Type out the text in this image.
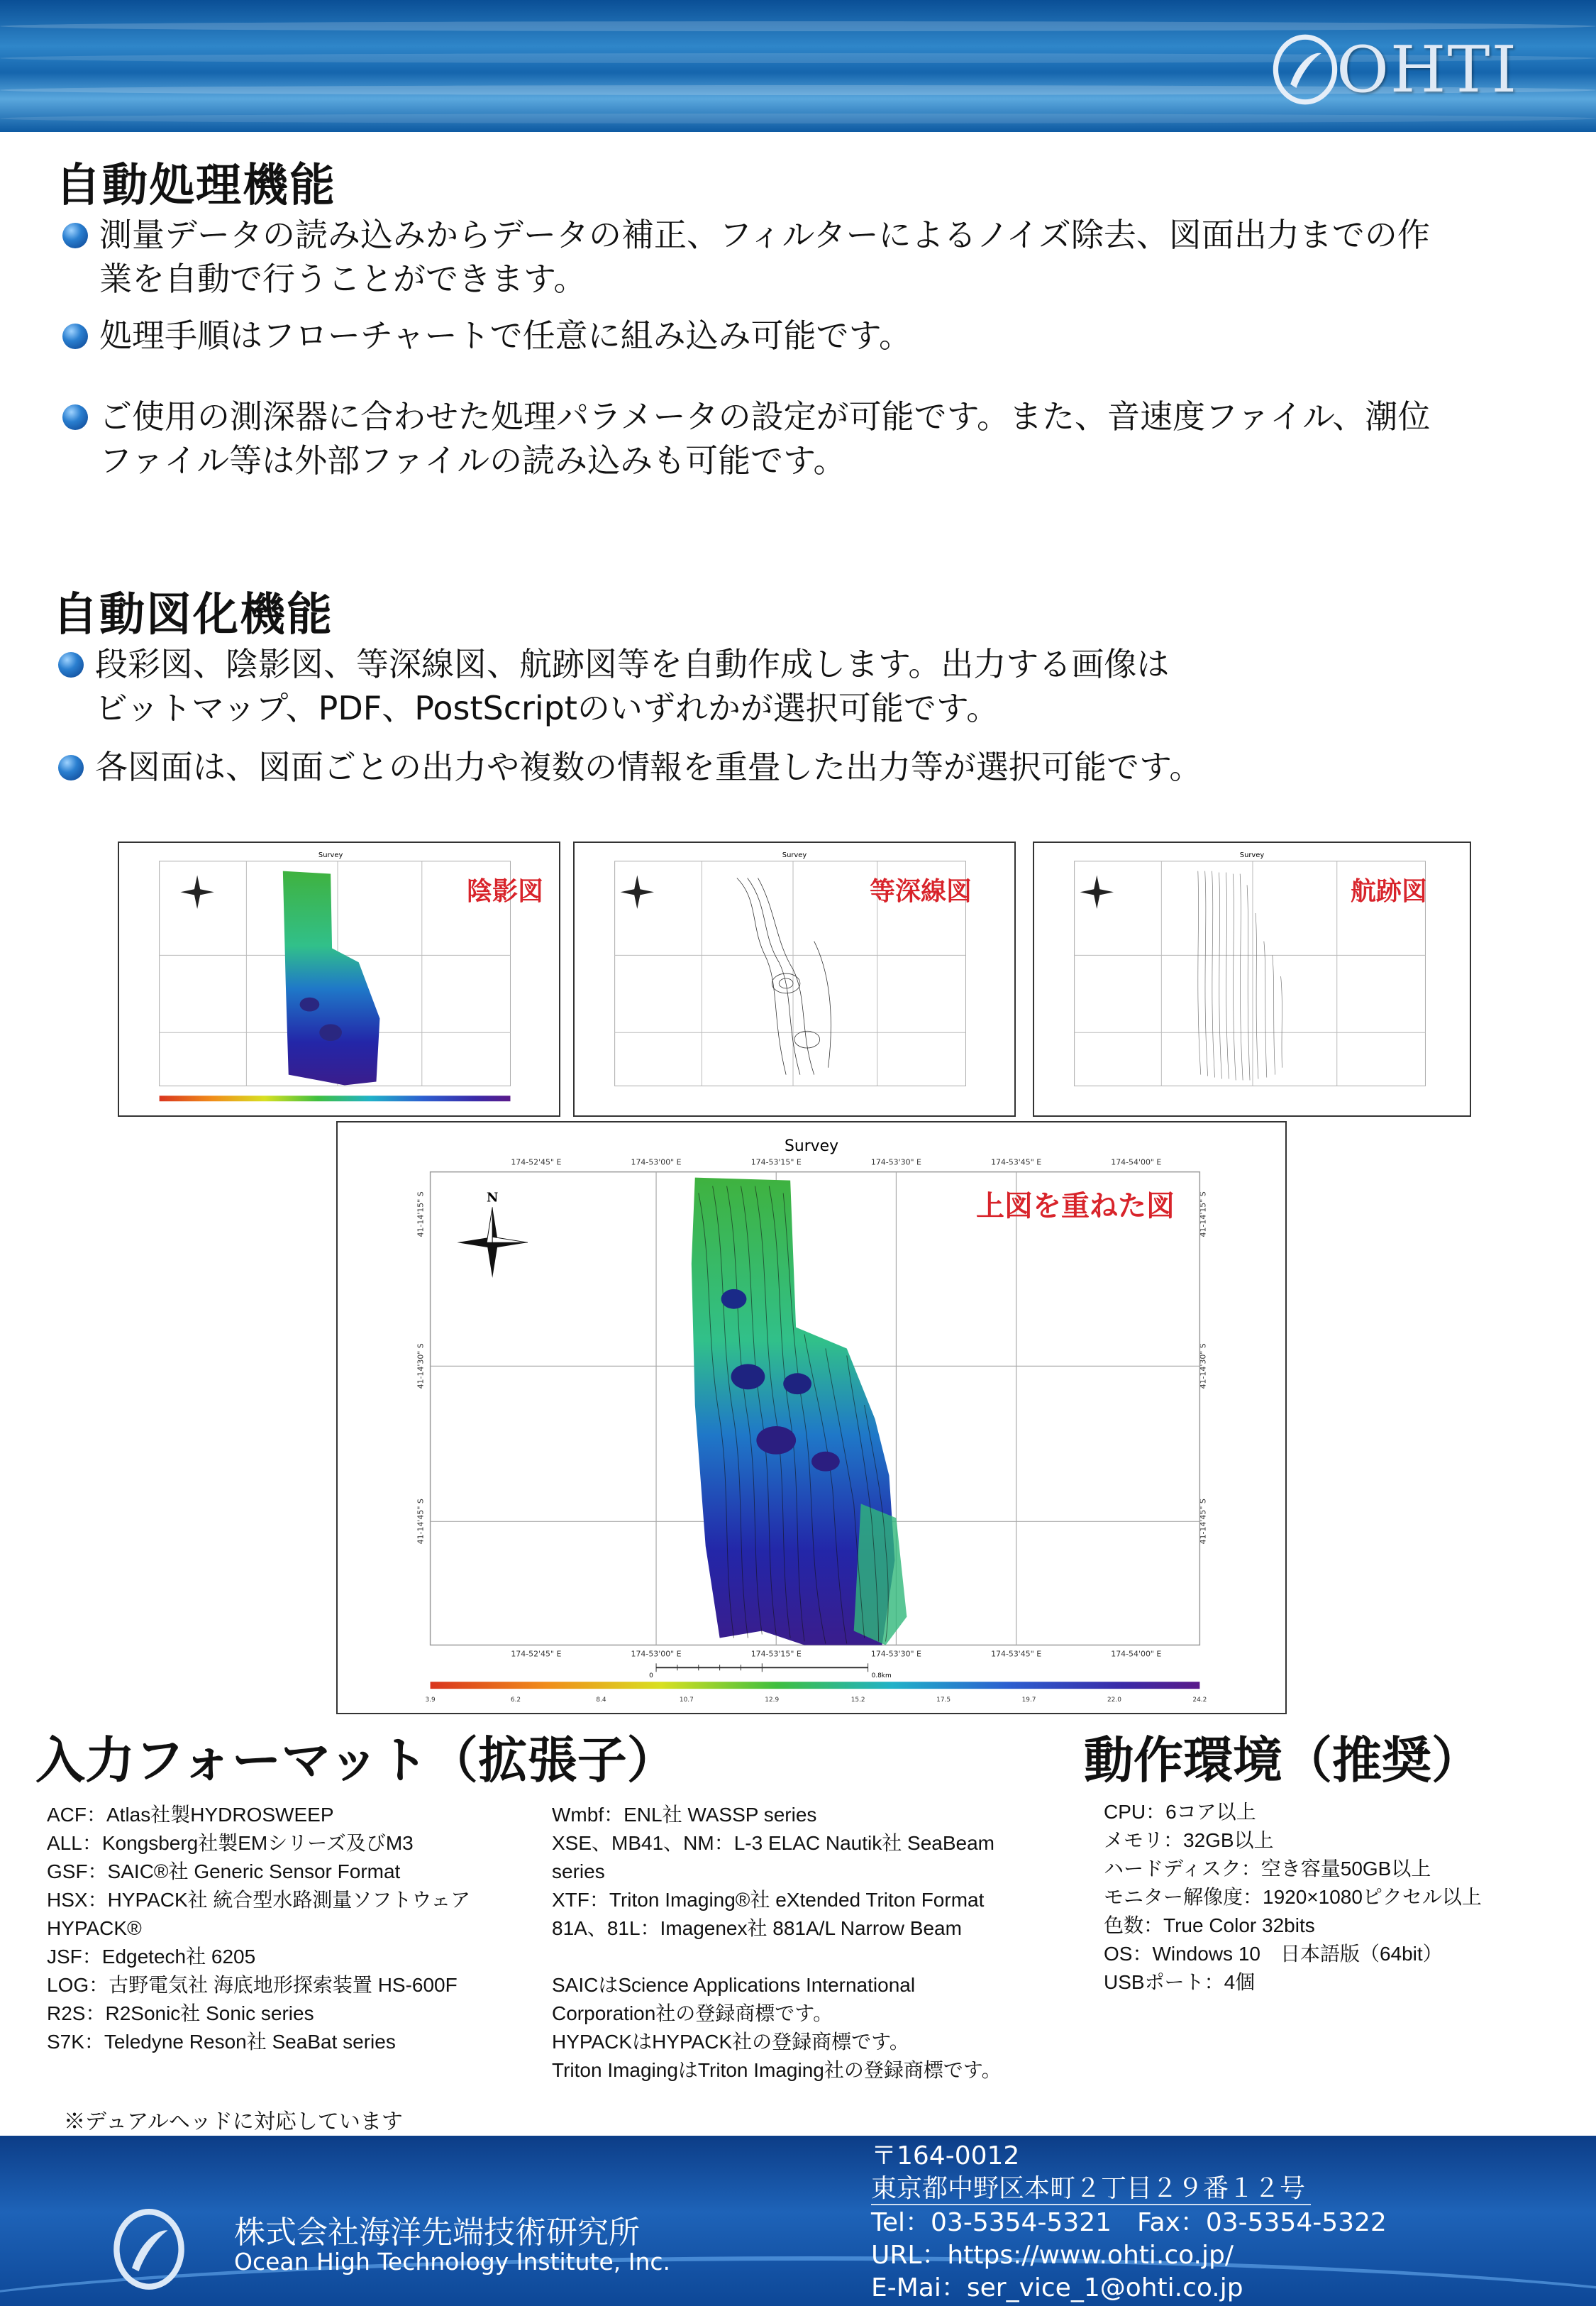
OHTI
自動処理機能
測量データの読み込みからデータの補正、フィルターによるノイズ除去、図面出力までの作
業を自動で行うことができます。
処理手順はフローチャートで任意に組み込み可能です。
ご使用の測深器に合わせた処理パラメータの設定が可能です。また、音速度ファイル、潮位
ファイル等は外部ファイルの読み込みも可能です。
自動図化機能
段彩図、陰影図、等深線図、航跡図等を自動作成します。出力する画像は
ビットマップ、PDF、PostScriptのいずれかが選択可能です。
各図面は、図面ごとの出力や複数の情報を重畳した出力等が選択可能です。
Survey
陰影図
Survey
等深線図
Survey
航跡図
Survey
174-52'45" E	174-53'00" E	174-53'15" E	174-53'30" E	174-53'45" E	174-54'00" E
174-52'45" E	174-53'00" E	174-53'15" E	174-53'30" E	174-53'45" E	174-54'00" E
41-14'15" S
41-14'30" S
41-14'45" S
41-14'15" S
41-14'30" S
41-14'45" S
N
0	0.8km
3.9	6.2	8.4	10.7	12.9	15.2	17.5	19.7	22.0	24.2
上図を重ねた図
入力フォーマット（拡張子）
ACF：Atlas社製HYDROSWEEP
ALL：Kongsberg社製EMシリーズ及びM3
GSF：SAIC®社 Generic Sensor Format
HSX：HYPACK社 統合型水路測量ソフトウェア
HYPACK®
JSF：Edgetech社 6205
LOG：古野電気社 海底地形探索装置 HS-600F
R2S：R2Sonic社 Sonic series
S7K：Teledyne Reson社 SeaBat series
Wmbf：ENL社 WASSP series
XSE、MB41、NM：L-3 ELAC Nautik社 SeaBeam
series
XTF：Triton Imaging®社 eXtended Triton Format
81A、81L：Imagenex社 881A/L Narrow Beam
SAICはScience Applications International
Corporation社の登録商標です。
HYPACKはHYPACK社の登録商標です。
Triton ImagingはTriton Imaging社の登録商標です。
動作環境（推奨）
CPU：6コア以上
メモリ：32GB以上
ハードディスク：空き容量50GB以上
モニター解像度：1920×1080ピクセル以上
色数：True Color 32bits
OS：Windows 10　日本語版（64bit）
USBポート：4個
※デュアルヘッドに対応しています
株式会社海洋先端技術研究所
Ocean High Technology Institute, Inc.
〒164-0012
東京都中野区本町２丁目２９番１２号
Tel：03-5354-5321　Fax：03-5354-5322
URL：https://www.ohti.co.jp/
E-Mai：ser_vice_1@ohti.co.jp
